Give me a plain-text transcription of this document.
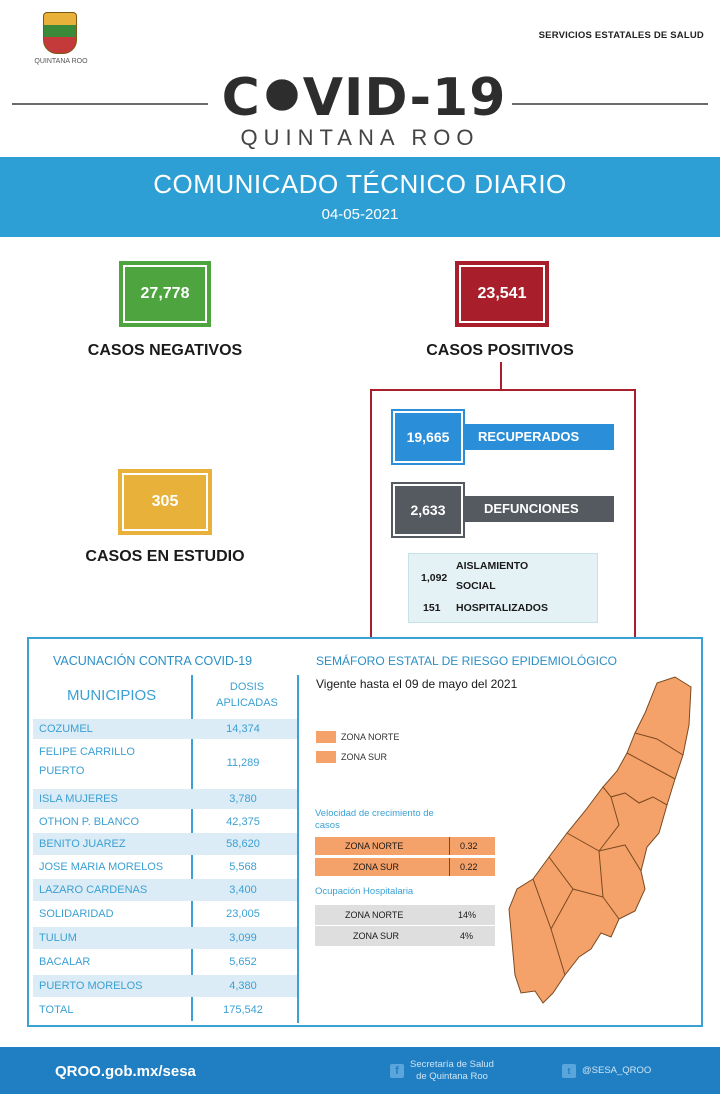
QUINTANA ROO
SERVICIOS ESTATALES DE SALUD
C VID-19
QUINTANA ROO
COMUNICADO TÉCNICO DIARIO
04-05-2021
27,778
CASOS NEGATIVOS
23,541
CASOS POSITIVOS
305
CASOS EN ESTUDIO
RECUPERADOS
19,665
DEFUNCIONES
2,633
1,092
AISLAMIENTO
SOCIAL
151 HOSPITALIZADOS
VACUNACIÓN CONTRA COVID-19
MUNICIPIOS	DOSIS
APLICADAS
COZUMEL	14,374
FELIPE CARRILLO
PUERTO
11,289
ISLA MUJERES	3,780
OTHON P. BLANCO	42,375
BENITO JUAREZ	58,620
JOSE MARIA MORELOS	5,568
LAZARO CARDENAS	3,400
SOLIDARIDAD	23,005
TULUM	3,099
BACALAR	5,652
PUERTO MORELOS	4,380
TOTAL	175,542
SEMÁFORO ESTATAL DE RIESGO EPIDEMIOLÓGICO
Vigente hasta el 09 de mayo del 2021
ZONA NORTE
ZONA SUR
Velocidad de crecimiento de
casos
ZONA NORTE	0.32
ZONA SUR	0.22
Ocupación Hospitalaria
ZONA NORTE	14%
ZONA SUR	4%
QROO.gob.mx/sesa	f
Secretaría de Salud
de Quintana Roo	t	@SESA_QROO
